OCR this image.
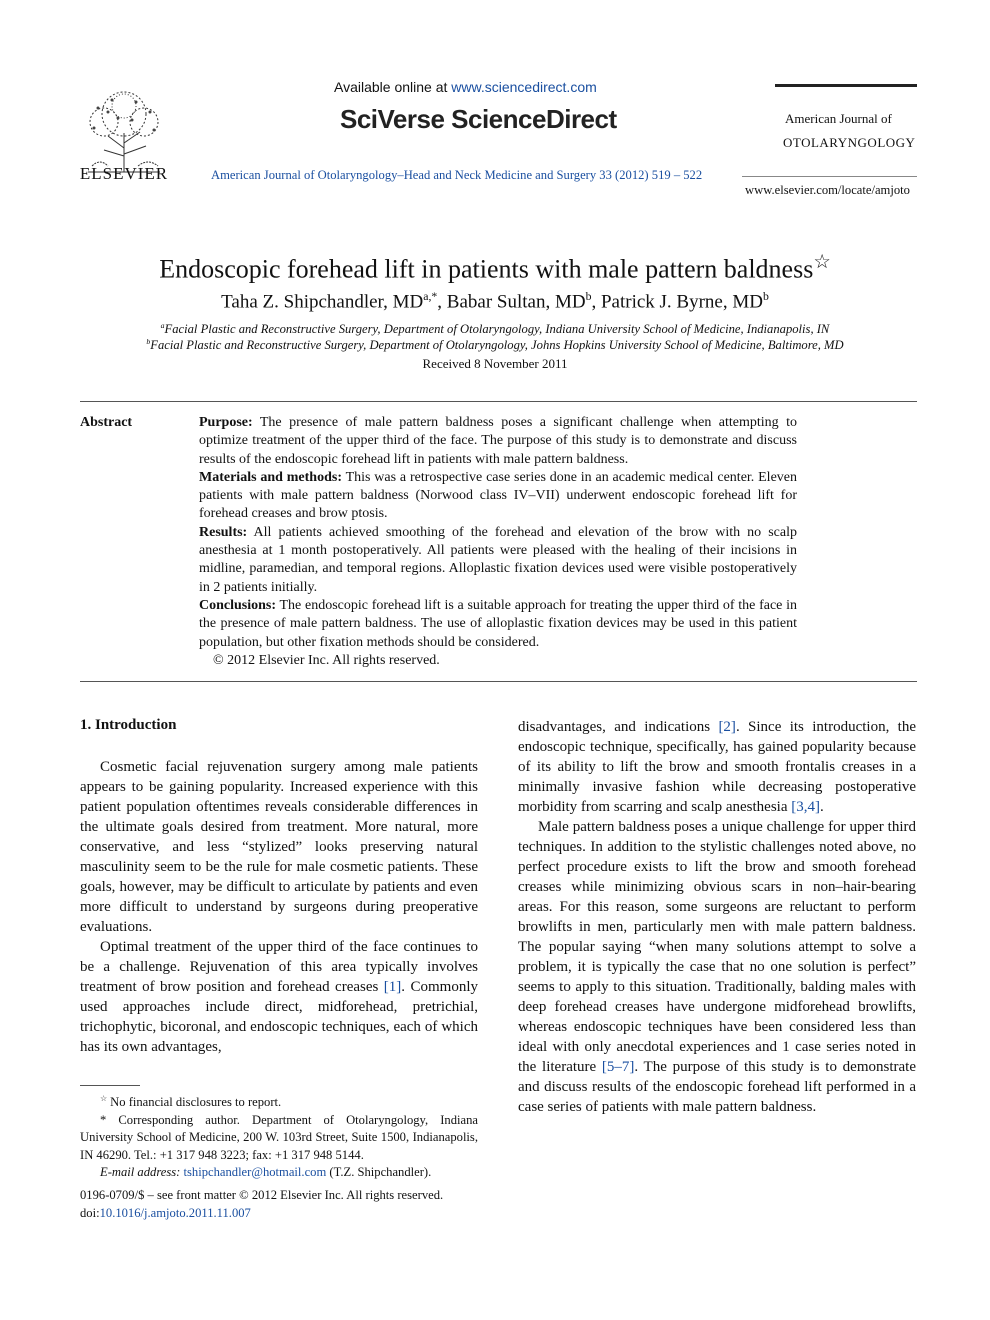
ELSEVIER
Available online at www.sciencedirect.com
SciVerse ScienceDirect
American Journal of Otolaryngology–Head and Neck Medicine and Surgery 33 (2012) 519 – 522
American Journal of
OTOLARYNGOLOGY
www.elsevier.com/locate/amjoto
Endoscopic forehead lift in patients with male pattern baldness☆
Taha Z. Shipchandler, $MD^{a,*}$, Babar Sultan, $MD^b$, Patrick J. Byrne, $MD^b$
$^a$Facial Plastic and Reconstructive Surgery, Department of Otolaryngology, Indiana University School of Medicine, Indianapolis, IN
$^b$Facial Plastic and Reconstructive Surgery, Department of Otolaryngology, Johns Hopkins University School of Medicine, Baltimore, MD
Received 8 November 2011
Abstract	Purpose: The presence of male pattern baldness poses a significant challenge when attempting to optimize treatment of the upper third of the face. The purpose of this study is to demonstrate and discuss results of the endoscopic forehead lift in patients with male pattern baldness.

Materials and methods: This was a retrospective case series done in an academic medical center. Eleven patients with male pattern baldness (Norwood class IV–VII) underwent endoscopic forehead lift for forehead creases and brow ptosis.

Results: All patients achieved smoothing of the forehead and elevation of the brow with no scalp anesthesia at 1 month postoperatively. All patients were pleased with the healing of their incisions in midline, paramedian, and temporal regions. Alloplastic fixation devices used were visible postoperatively in 2 patients initially.

Conclusions: The endoscopic forehead lift is a suitable approach for treating the upper third of the face in the presence of male pattern baldness. The use of alloplastic fixation devices may be used in this patient population, but other fixation methods should be considered.

© 2012 Elsevier Inc. All rights reserved.

1. Introduction

Cosmetic facial rejuvenation surgery among male patients appears to be gaining popularity. Increased experience with this patient population oftentimes reveals considerable differences in the ultimate goals desired from treatment. More natural, more conservative, and less “stylized” looks preserving natural masculinity seem to be the rule for male cosmetic patients. These goals, however, may be difficult to articulate by patients and even more difficult to understand by surgeons during preoperative evaluations.

Optimal treatment of the upper third of the face continues to be a challenge. Rejuvenation of this area typically involves treatment of brow position and forehead creases [1]. Commonly used approaches include direct, midforehead, pretrichial, trichophytic, bicoronal, and endoscopic techniques, each of which has its own advantages,

disadvantages, and indications [2]. Since its introduction, the endoscopic technique, specifically, has gained popularity because of its ability to lift the brow and smooth frontalis creases in a minimally invasive fashion while decreasing postoperative morbidity from scarring and scalp anesthesia [3,4].

Male pattern baldness poses a unique challenge for upper third techniques. In addition to the stylistic challenges noted above, no perfect procedure exists to lift the brow and smooth forehead creases while minimizing obvious scars in non–hair-bearing areas. For this reason, some surgeons are reluctant to perform browlifts in men, particularly men with male pattern baldness. The popular saying “when many solutions attempt to solve a problem, it is typically the case that no one solution is perfect” seems to apply to this situation. Traditionally, balding males with deep forehead creases have undergone midforehead browlifts, whereas endoscopic techniques have been considered less than ideal with only anecdotal experiences and 1 case series noted in the literature [5–7]. The purpose of this study is to demonstrate and discuss results of the endoscopic forehead lift performed in a case series of patients with male pattern baldness.

☆ No financial disclosures to report.

* Corresponding author. Department of Otolaryngology, Indiana University School of Medicine, 200 W. 103rd Street, Suite 1500, Indianapolis, IN 46290. Tel.: +1 317 948 3223; fax: +1 317 948 5144.

E-mail address: tshipchandler@hotmail.com (T.Z. Shipchandler).

0196-0709/$ – see front matter © 2012 Elsevier Inc. All rights reserved.
doi:10.1016/j.amjoto.2011.11.007
